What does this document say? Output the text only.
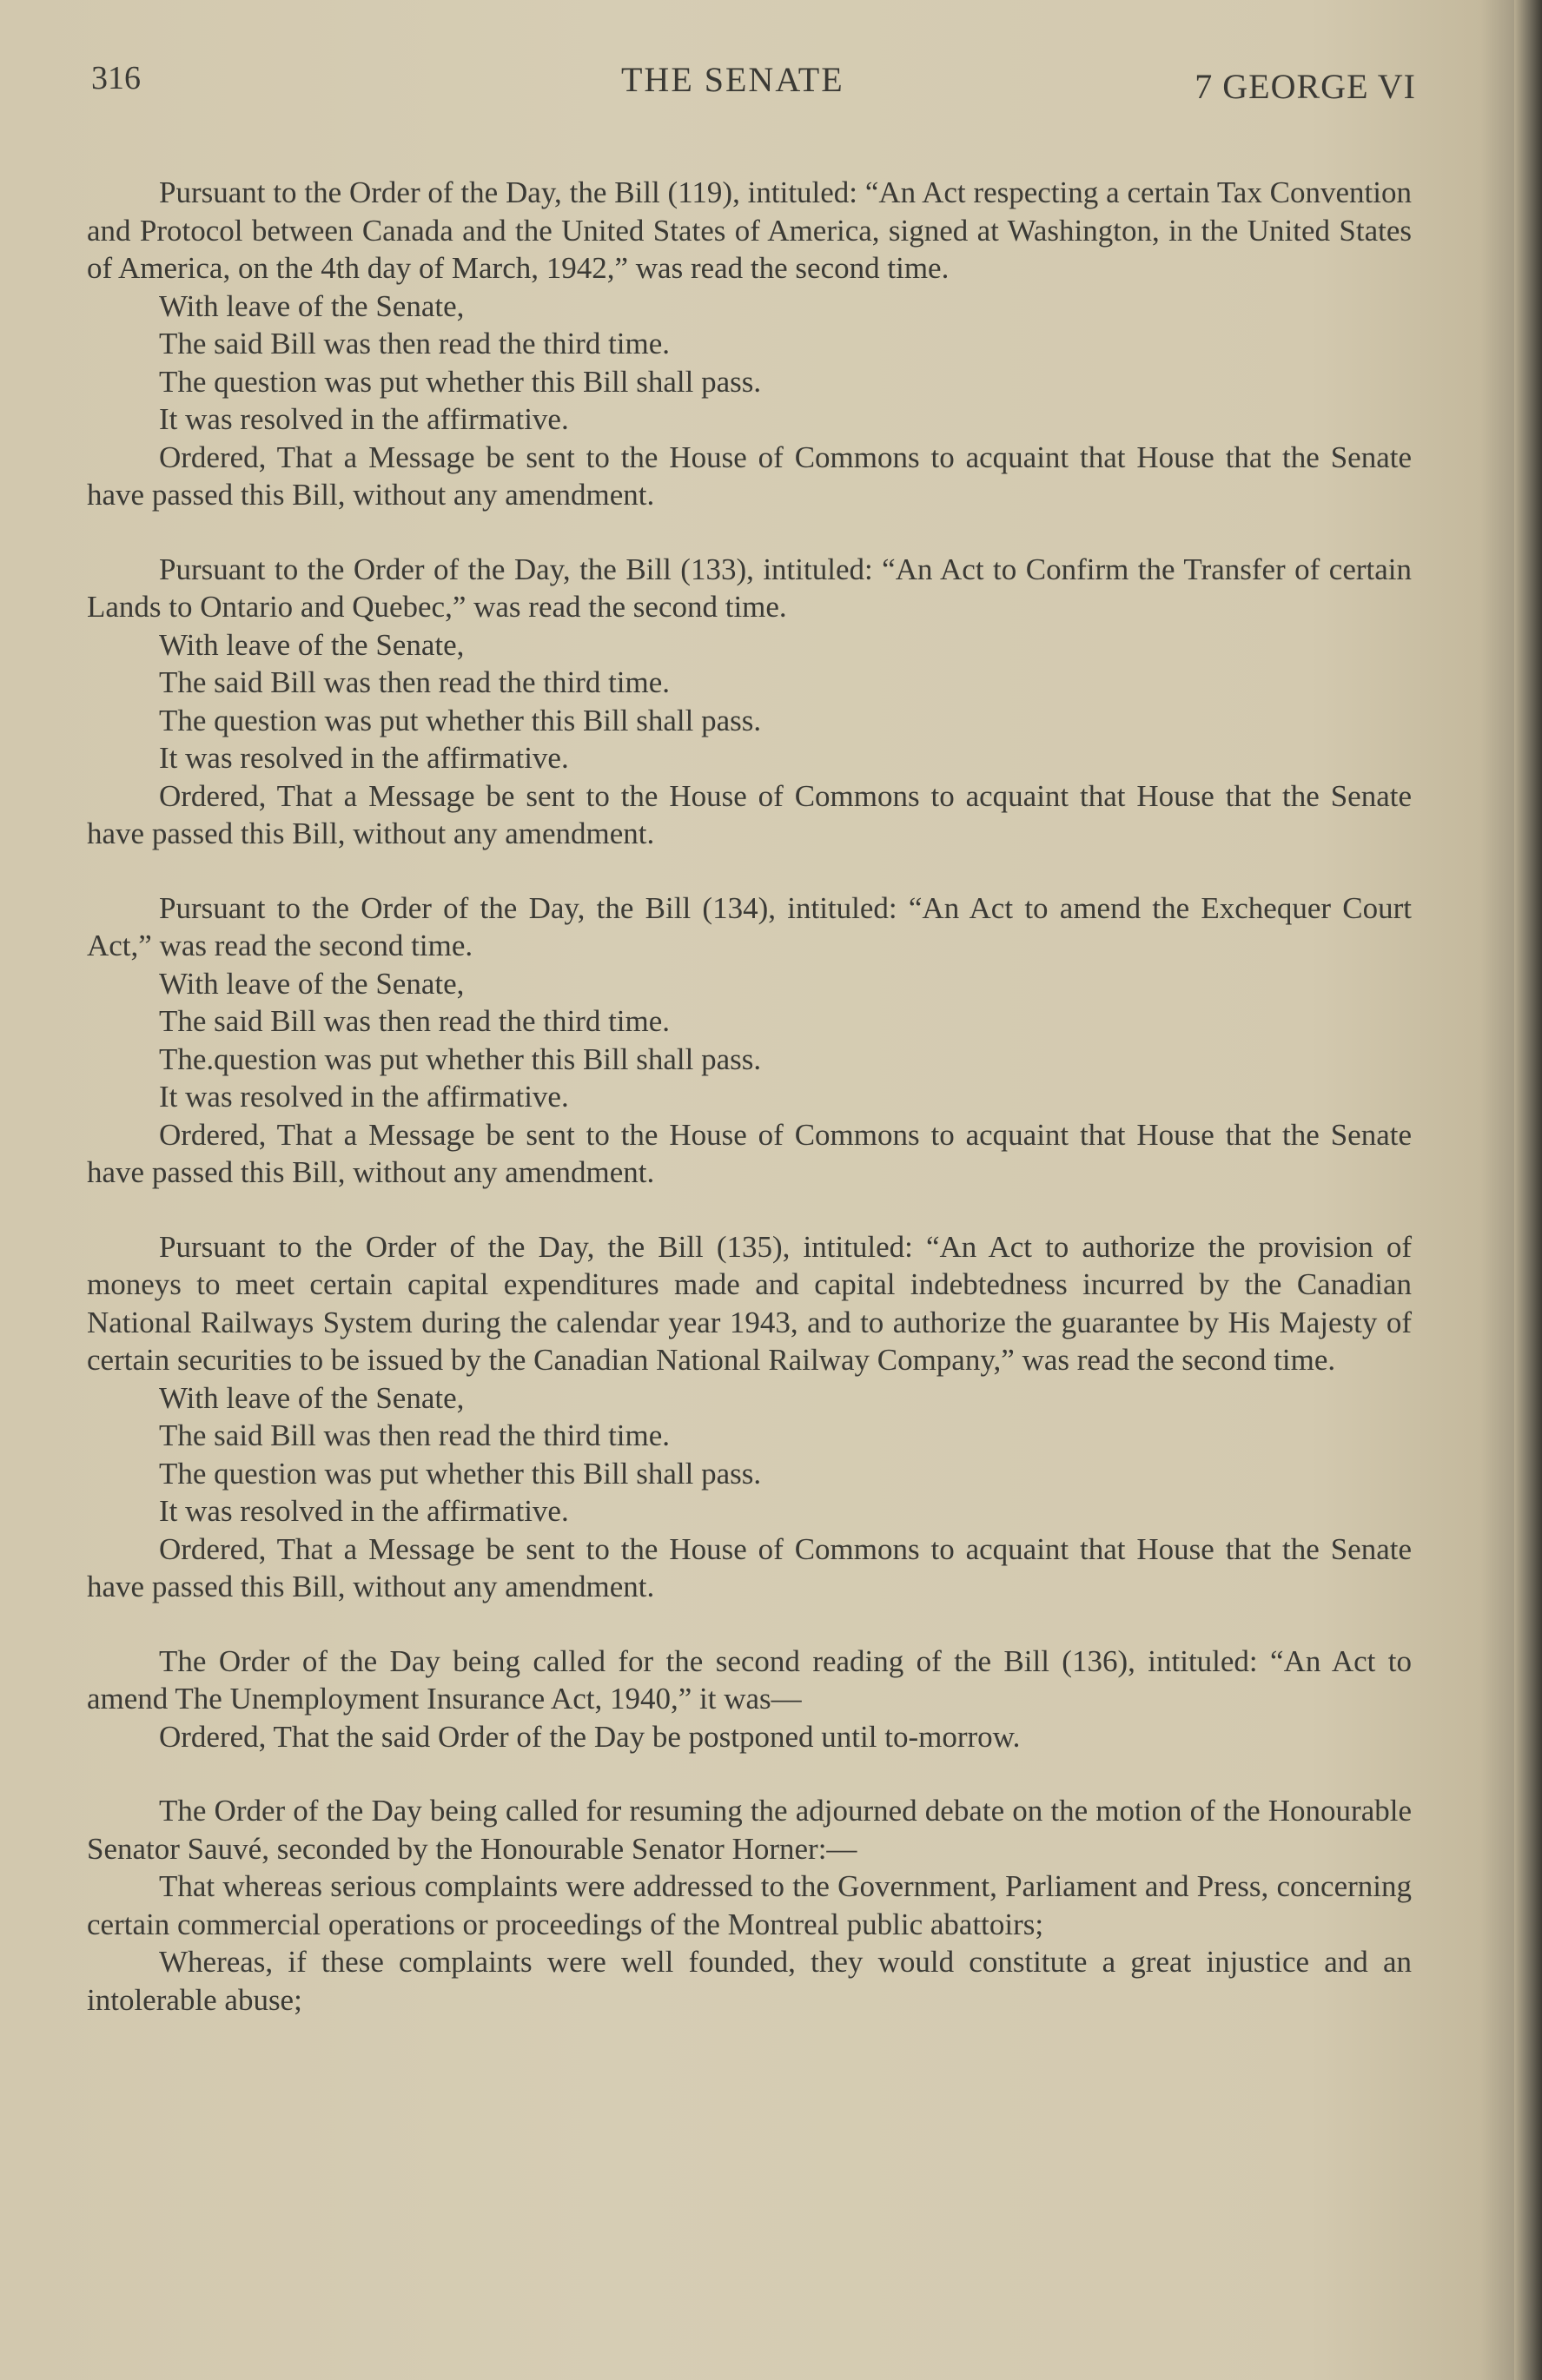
316	THE SENATE	7 GEORGE VI

Pursuant to the Order of the Day, the Bill (119), intituled: “An Act respecting a certain Tax Convention and Protocol between Canada and the United States of America, signed at Washington, in the United States of America, on the 4th day of March, 1942,” was read the second time.

With leave of the Senate,

The said Bill was then read the third time.

The question was put whether this Bill shall pass.

It was resolved in the affirmative.

Ordered, That a Message be sent to the House of Commons to acquaint that House that the Senate have passed this Bill, without any amendment.

Pursuant to the Order of the Day, the Bill (133), intituled: “An Act to Confirm the Transfer of certain Lands to Ontario and Quebec,” was read the second time.

With leave of the Senate,

The said Bill was then read the third time.

The question was put whether this Bill shall pass.

It was resolved in the affirmative.

Ordered, That a Message be sent to the House of Commons to acquaint that House that the Senate have passed this Bill, without any amendment.

Pursuant to the Order of the Day, the Bill (134), intituled: “An Act to amend the Exchequer Court Act,” was read the second time.

With leave of the Senate,

The said Bill was then read the third time.

The.question was put whether this Bill shall pass.

It was resolved in the affirmative.

Ordered, That a Message be sent to the House of Commons to acquaint that House that the Senate have passed this Bill, without any amendment.

Pursuant to the Order of the Day, the Bill (135), intituled: “An Act to authorize the provision of moneys to meet certain capital expenditures made and capital indebtedness incurred by the Canadian National Railways System during the calendar year 1943, and to authorize the guarantee by His Majesty of certain securities to be issued by the Canadian National Railway Company,” was read the second time.

With leave of the Senate,

The said Bill was then read the third time.

The question was put whether this Bill shall pass.

It was resolved in the affirmative.

Ordered, That a Message be sent to the House of Commons to acquaint that House that the Senate have passed this Bill, without any amendment.

The Order of the Day being called for the second reading of the Bill (136), intituled: “An Act to amend The Unemployment Insurance Act, 1940,” it was—

Ordered, That the said Order of the Day be postponed until to-morrow.

The Order of the Day being called for resuming the adjourned debate on the motion of the Honourable Senator Sauvé, seconded by the Honourable Senator Horner:—

That whereas serious complaints were addressed to the Government, Parliament and Press, concerning certain commercial operations or proceedings of the Montreal public abattoirs;

Whereas, if these complaints were well founded, they would constitute a great injustice and an intolerable abuse;
